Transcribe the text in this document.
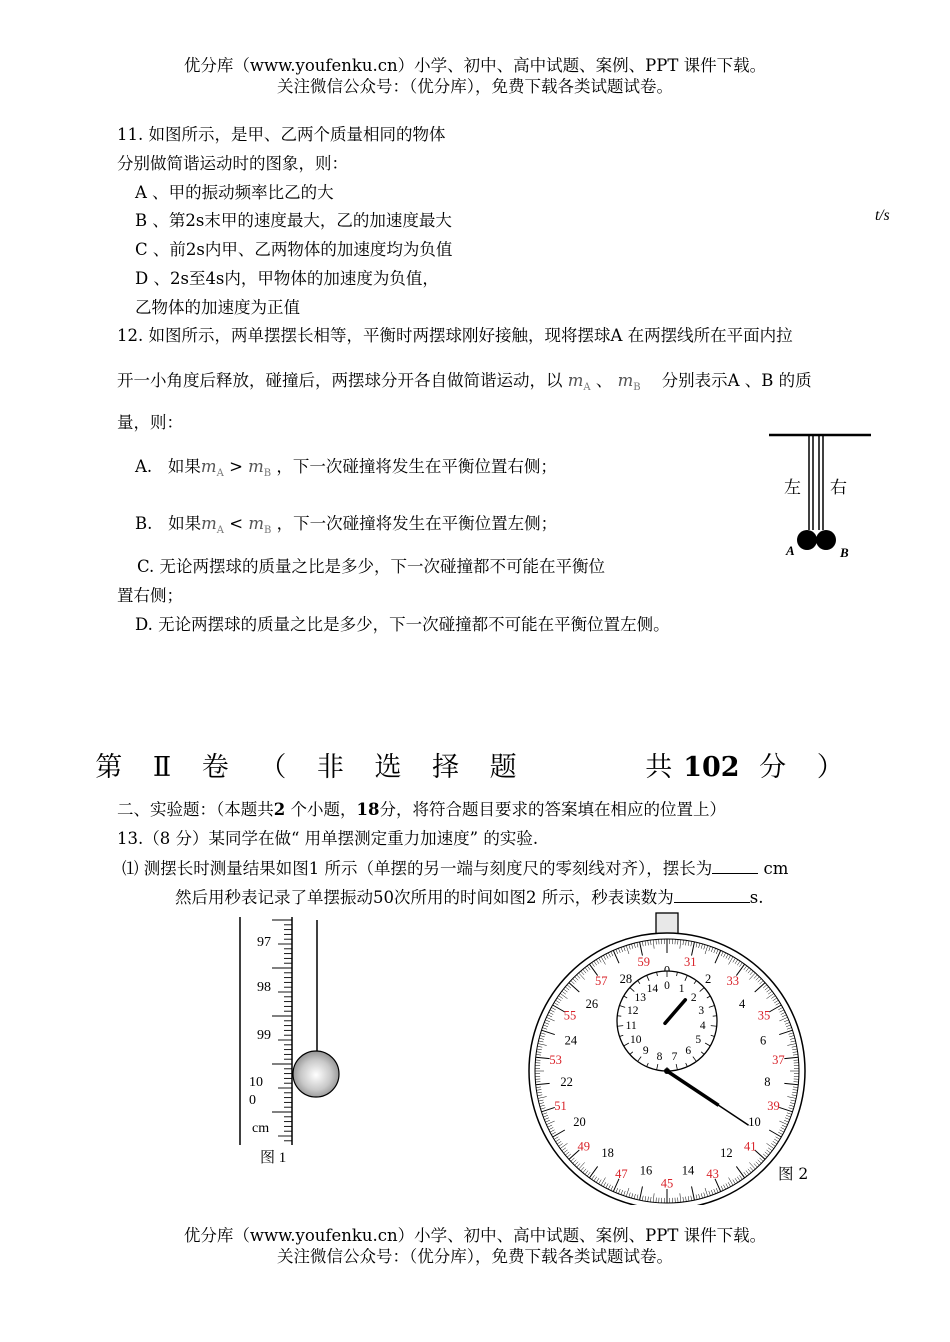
优分库（www.youfenku.cn）小学、初中、高中试题、案例、PPT 课件下载。
关注微信公众号：（优分库），免费下载各类试题试卷。
11. 如图所示，是甲、乙两个质量相同的物体
分别做简谐运动时的图象，则：
A 、甲的振动频率比乙的大
B 、第2s末甲的速度最大，乙的加速度最大
C 、前2s内甲、乙两物体的加速度均为负值
D 、2s至4s内，甲物体的加速度为负值，
乙物体的加速度为正值
t/s
12. 如图所示，两单摆摆长相等，平衡时两摆球刚好接触，现将摆球A 在两摆线所在平面内拉
开一小角度后释放，碰撞后，两摆球分开各自做简谐运动，以 $m_A$ 、 $m_B$ 分别表示A 、B 的质
量，则：
A. 如果$m_A > m_B$ ，下一次碰撞将发生在平衡位置右侧；
B. 如果$m_A < m_B$ ，下一次碰撞将发生在平衡位置左侧；
C. 无论两摆球的质量之比是多少，下一次碰撞都不可能在平衡位
置右侧；
D. 无论两摆球的质量之比是多少，下一次碰撞都不可能在平衡位置左侧。
左 右
A	B
第 Ⅱ 卷 （ 非 选 择 题	共102 分 ）
二、实验题：（本题共2 个小题，18分，将符合题目要求的答案填在相应的位置上）
13.（8 分）某同学在做“ 用单摆测定重力加速度” 的实验.
⑴ 测摆长时测量结果如图1 所示（单摆的另一端与刻度尺的零刻线对齐），摆长为	cm
然后用秒表记录了单摆振动50次所用的时间如图2 所示，秒表读数为	s.
97
98
99
10
0
cm
图 1
2
4
6
8
10
12
14
16
18
20
22
24
26
28
31
33
35
37
39
41
43
45
47
49
51
53
55
57
59
0 1
2
3
4
5
6
7
8
9
10
11
12
13
14
图 2
优分库（www.youfenku.cn）小学、初中、高中试题、案例、PPT 课件下载。
关注微信公众号：（优分库），免费下载各类试题试卷。
